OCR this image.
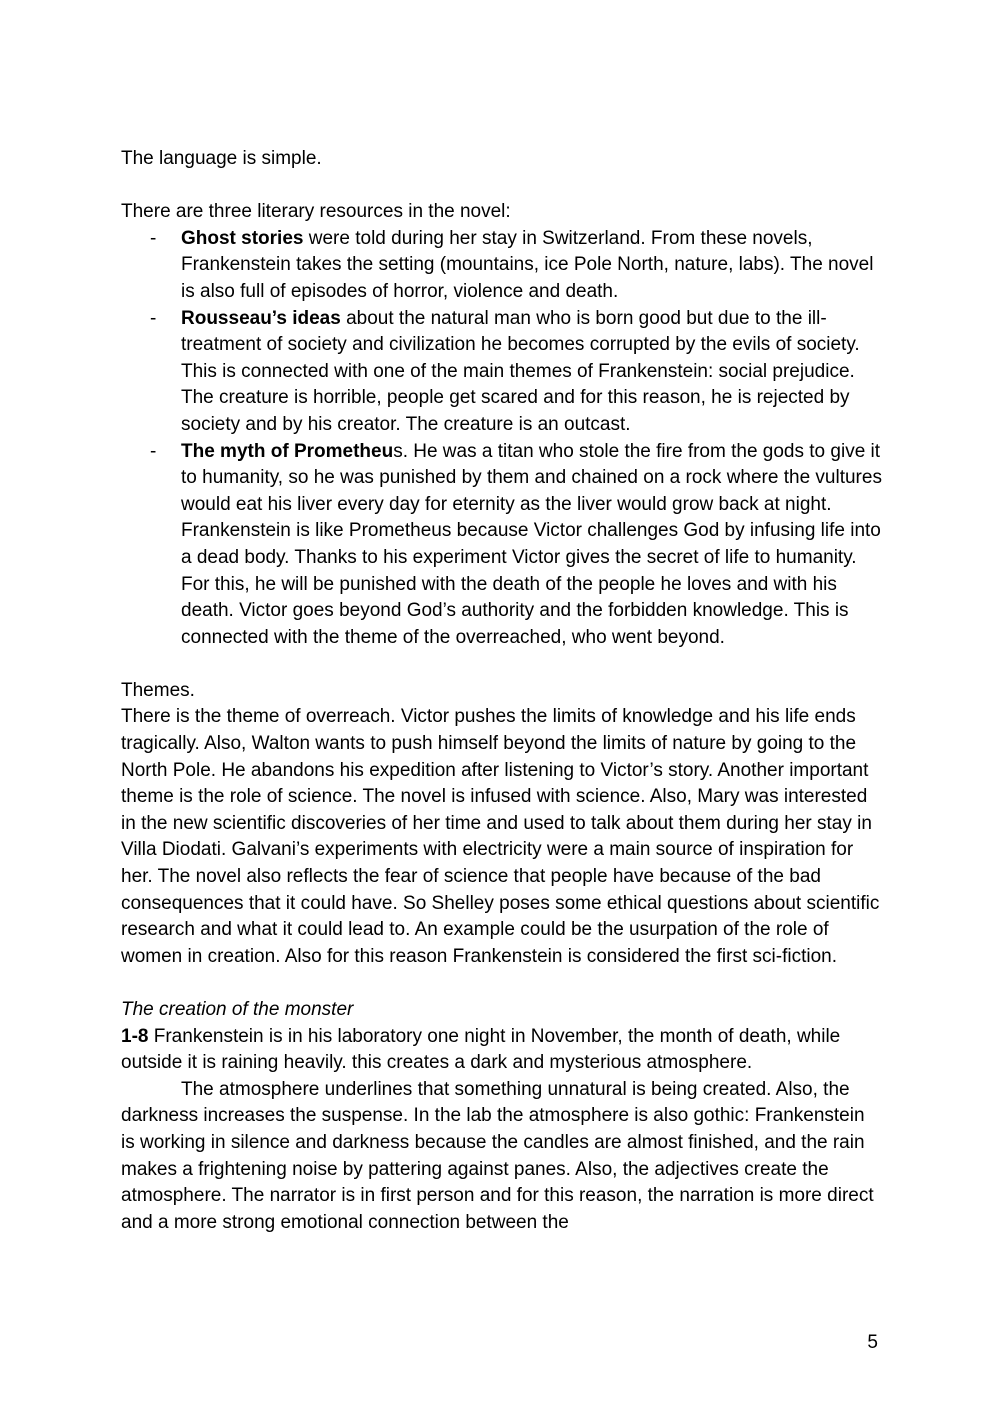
The language is simple.

There are three literary resources in the novel:

- Ghost stories were told during her stay in Switzerland. From these novels, Frankenstein takes the setting (mountains, ice Pole North, nature, labs). The novel is also full of episodes of horror, violence and death.
- Rousseau’s ideas about the natural man who is born good but due to the ill-treatment of society and civilization he becomes corrupted by the evils of society. This is connected with one of the main themes of Frankenstein: social prejudice. The creature is horrible, people get scared and for this reason, he is rejected by society and by his creator. The creature is an outcast.
- The myth of Prometheus. He was a titan who stole the fire from the gods to give it to humanity, so he was punished by them and chained on a rock where the vultures would eat his liver every day for eternity as the liver would grow back at night. Frankenstein is like Prometheus because Victor challenges God by infusing life into a dead body. Thanks to his experiment Victor gives the secret of life to humanity. For this, he will be punished with the death of the people he loves and with his death. Victor goes beyond God’s authority and the forbidden knowledge. This is connected with the theme of the overreached, who went beyond.

Themes.

There is the theme of overreach. Victor pushes the limits of knowledge and his life ends tragically. Also, Walton wants to push himself beyond the limits of nature by going to the North Pole. He abandons his expedition after listening to Victor’s story. Another important theme is the role of science. The novel is infused with science. Also, Mary was interested in the new scientific discoveries of her time and used to talk about them during her stay in Villa Diodati. Galvani’s experiments with electricity were a main source of inspiration for her. The novel also reflects the fear of science that people have because of the bad consequences that it could have. So Shelley poses some ethical questions about scientific research and what it could lead to. An example could be the usurpation of the role of women in creation. Also for this reason Frankenstein is considered the first sci-fiction.

The creation of the monster

1-8 Frankenstein is in his laboratory one night in November, the month of death, while outside it is raining heavily. this creates a dark and mysterious atmosphere.

The atmosphere underlines that something unnatural is being created. Also, the darkness increases the suspense. In the lab the atmosphere is also gothic: Frankenstein is working in silence and darkness because the candles are almost finished, and the rain makes a frightening noise by pattering against panes. Also, the adjectives create the atmosphere. The narrator is in first person and for this reason, the narration is more direct and a more strong emotional connection between the

5
